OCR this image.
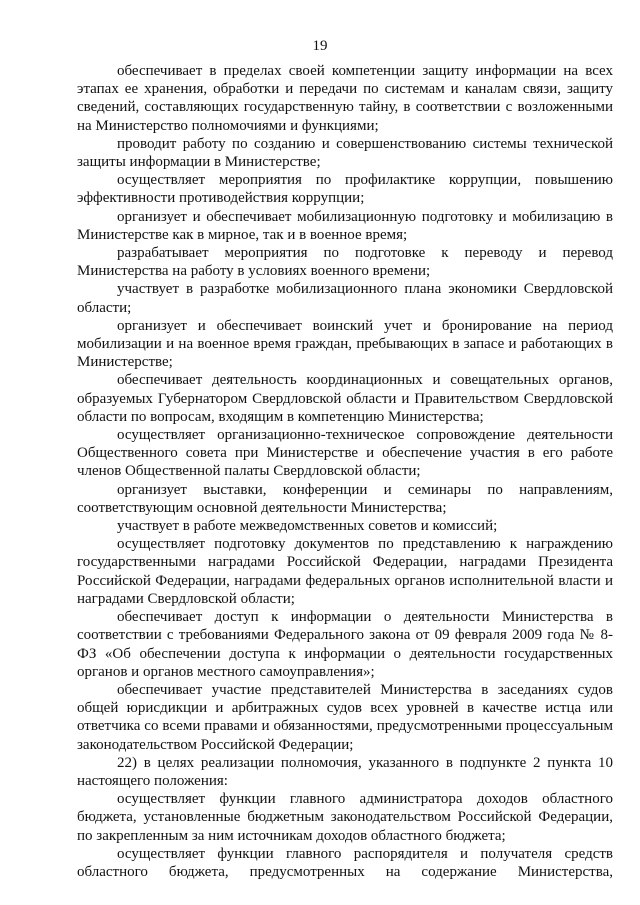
19

обеспечивает в пределах своей компетенции защиту информации на всех этапах ее хранения, обработки и передачи по системам и каналам связи, защиту сведений, составляющих государственную тайну, в соответствии с возложенными на Министерство полномочиями и функциями;

проводит работу по созданию и совершенствованию системы технической защиты информации в Министерстве;

осуществляет мероприятия по профилактике коррупции, повышению эффективности противодействия коррупции;

организует и обеспечивает мобилизационную подготовку и мобилизацию в Министерстве как в мирное, так и в военное время;

разрабатывает мероприятия по подготовке к переводу и перевод Министерства на работу в условиях военного времени;

участвует в разработке мобилизационного плана экономики Свердловской области;

организует и обеспечивает воинский учет и бронирование на период мобилизации и на военное время граждан, пребывающих в запасе и работающих в Министерстве;

обеспечивает деятельность координационных и совещательных органов, образуемых Губернатором Свердловской области и Правительством Свердловской области по вопросам, входящим в компетенцию Министерства;

осуществляет организационно-техническое сопровождение деятельности Общественного совета при Министерстве и обеспечение участия в его работе членов Общественной палаты Свердловской области;

организует выставки, конференции и семинары по направлениям, соответствующим основной деятельности Министерства;

участвует в работе межведомственных советов и комиссий;

осуществляет подготовку документов по представлению к награждению государственными наградами Российской Федерации, наградами Президента Российской Федерации, наградами федеральных органов исполнительной власти и наградами Свердловской области;

обеспечивает доступ к информации о деятельности Министерства в соответствии с требованиями Федерального закона от 09 февраля 2009 года № 8-ФЗ «Об обеспечении доступа к информации о деятельности государственных органов и органов местного самоуправления»;

обеспечивает участие представителей Министерства в заседаниях судов общей юрисдикции и арбитражных судов всех уровней в качестве истца или ответчика со всеми правами и обязанностями, предусмотренными процессуальным законодательством Российской Федерации;

22) в целях реализации полномочия, указанного в подпункте 2 пункта 10 настоящего положения:

осуществляет функции главного администратора доходов областного бюджета, установленные бюджетным законодательством Российской Федерации, по закрепленным за ним источникам доходов областного бюджета;

осуществляет функции главного распорядителя и получателя средств областного бюджета, предусмотренных на содержание Министерства,
